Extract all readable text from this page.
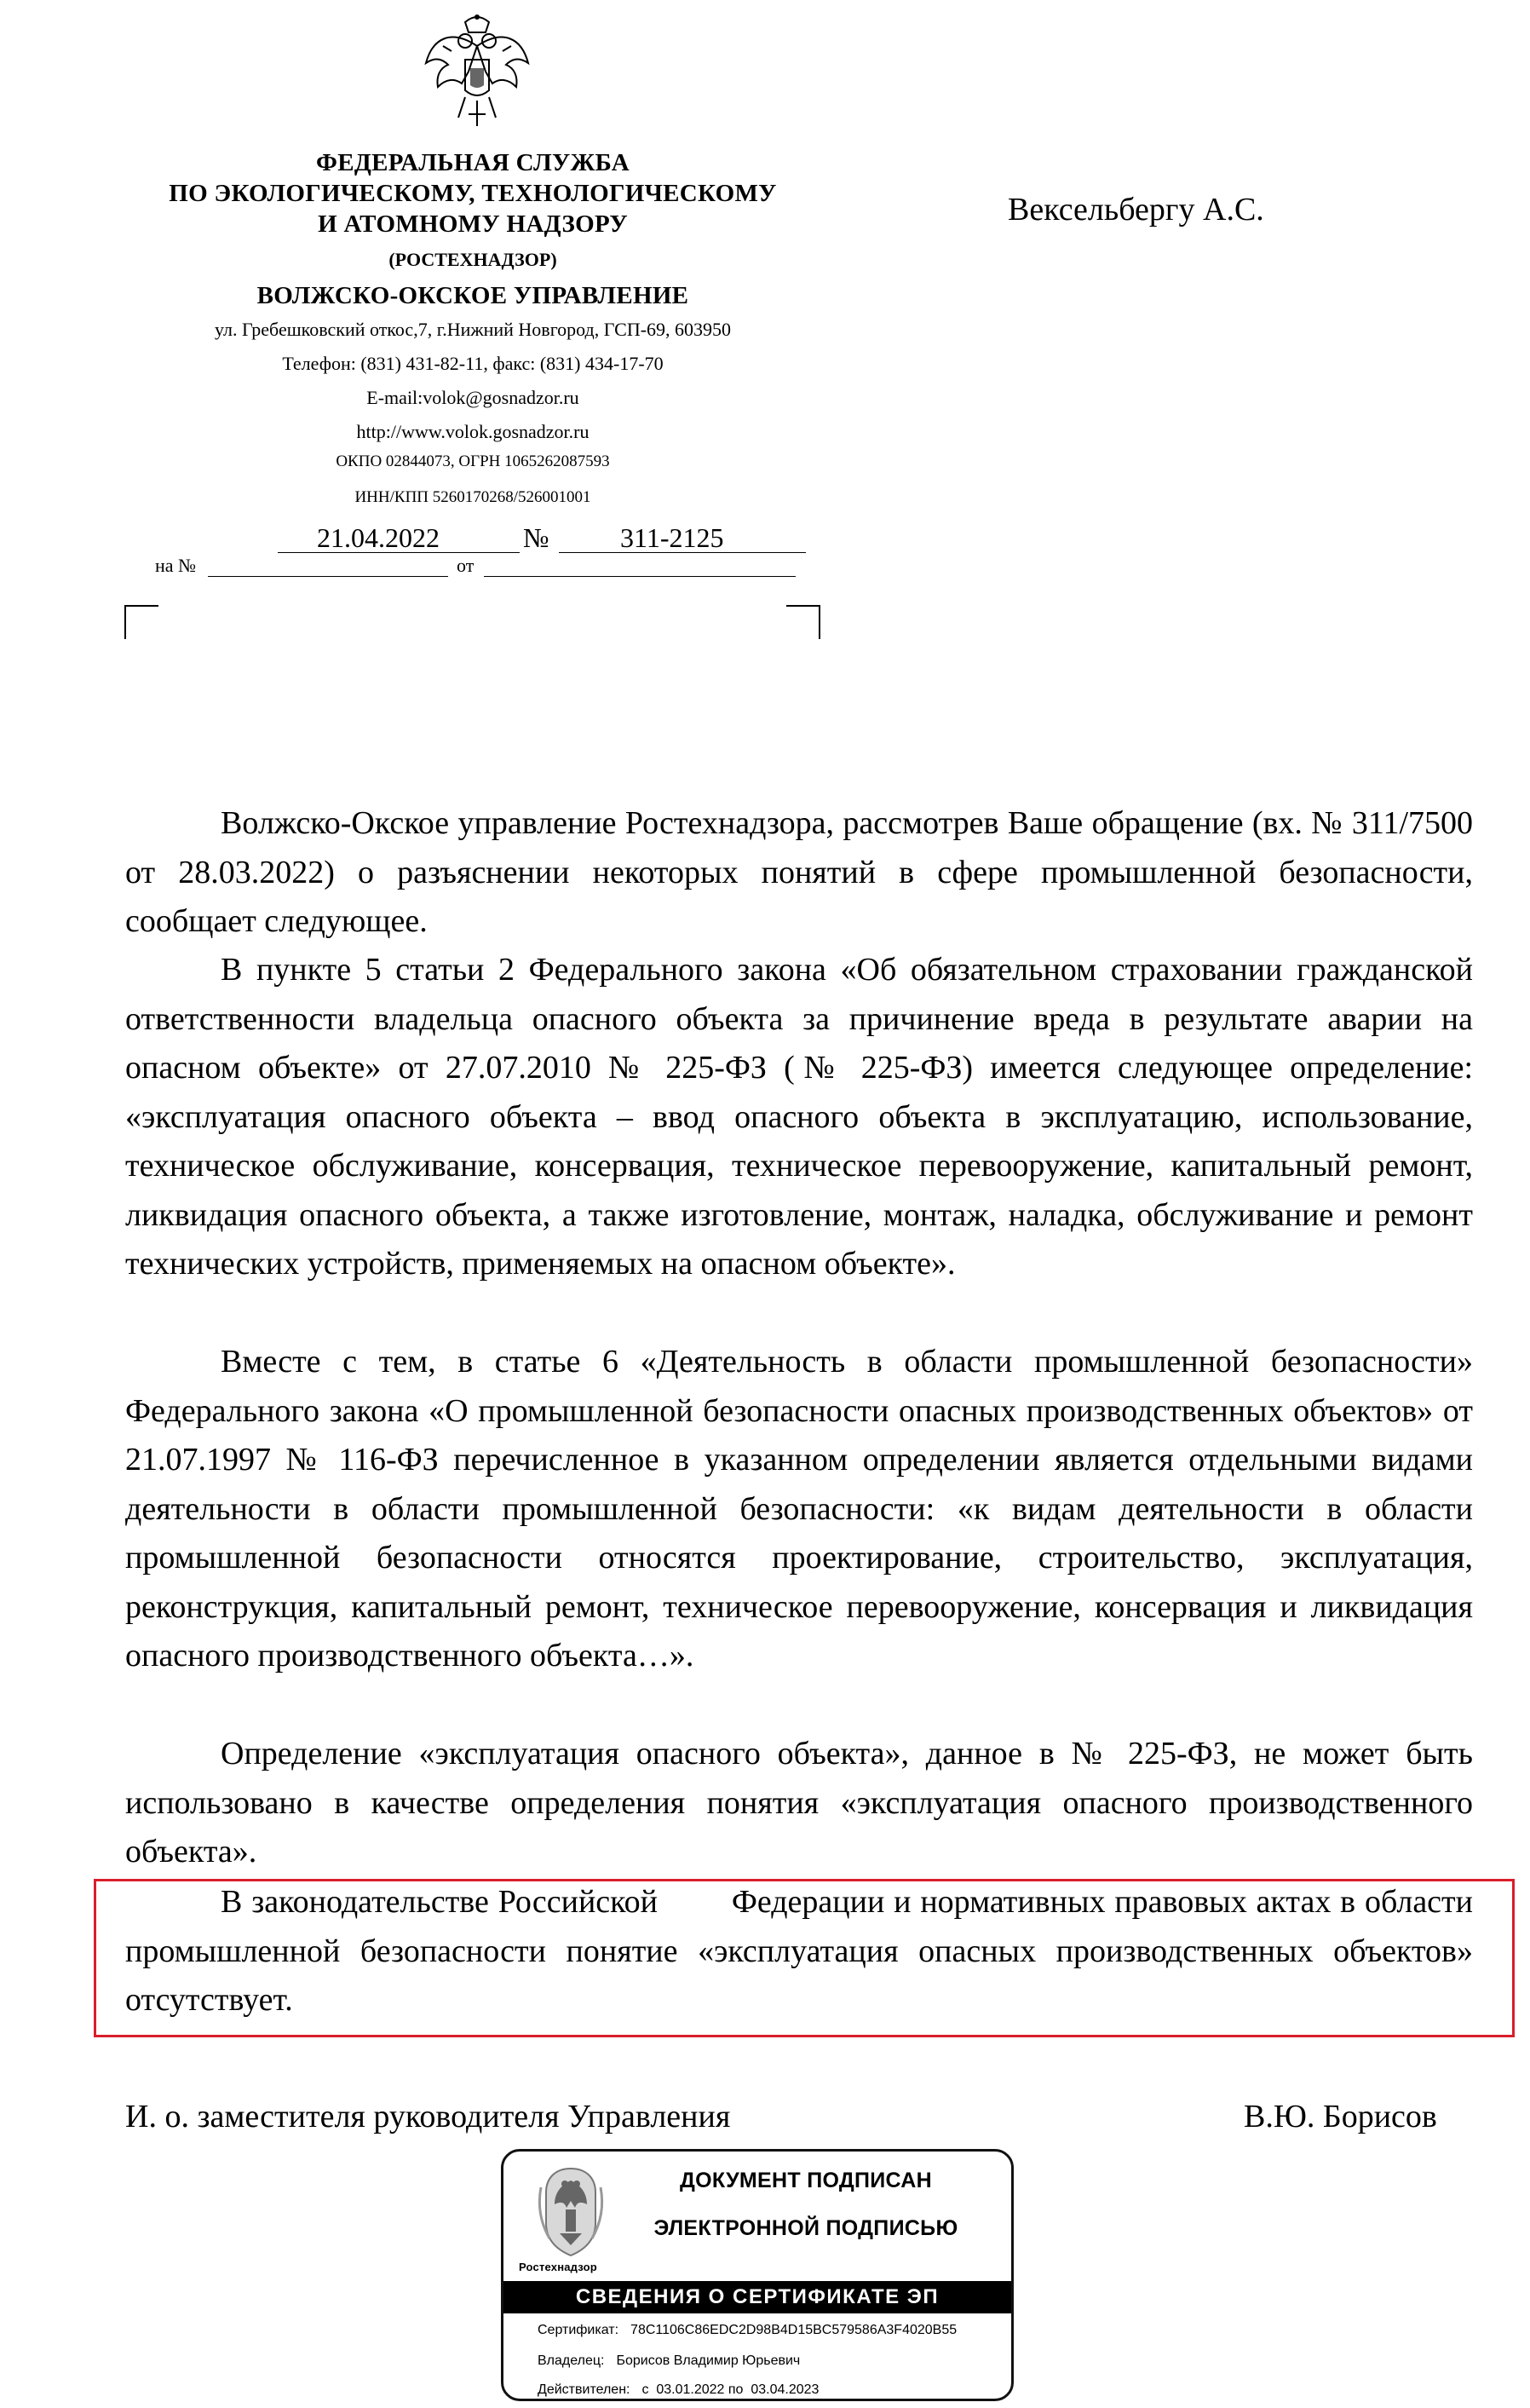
ФЕДЕРАЛЬНАЯ СЛУЖБА
ПО ЭКОЛОГИЧЕСКОМУ, ТЕХНОЛОГИЧЕСКОМУ
И АТОМНОМУ НАДЗОРУ
(РОСТЕХНАДЗОР)
ВОЛЖСКО-ОКСКОЕ УПРАВЛЕНИЕ
ул. Гребешковский откос,7, г.Нижний Новгород, ГСП-69, 603950
Телефон: (831) 431-82-11, факс: (831) 434-17-70
E-mail:volok@gosnadzor.ru
http://www.volok.gosnadzor.ru
ОКПО 02844073, ОГРН 1065262087593
ИНН/КПП 5260170268/526001001
21.04.2022	№	311-2125
на №	от
Вексельбергу А.С.

Волжско-Окское управление Ростехнадзора, рассмотрев Ваше обращение (вх. № 311/7500 от 28.03.2022) о разъяснении некоторых понятий в сфере промышленной безопасности, сообщает следующее.

В пункте 5 статьи 2 Федерального закона «Об обязательном страховании гражданской ответственности владельца опасного объекта за причинение вреда в результате аварии на опасном объекте» от 27.07.2010 № 225-ФЗ (№ 225-ФЗ) имеется следующее определение: «эксплуатация опасного объекта – ввод опасного объекта в эксплуатацию, использование, техническое обслуживание, консервация, техническое перевооружение, капитальный ремонт, ликвидация опасного объекта, а также изготовление, монтаж, наладка, обслуживание и ремонт технических устройств, применяемых на опасном объекте».

Вместе с тем, в статье 6 «Деятельность в области промышленной безопасности» Федерального закона «О промышленной безопасности опасных производственных объектов» от 21.07.1997 № 116-ФЗ перечисленное в указанном определении является отдельными видами деятельности в области промышленной безопасности: «к видам деятельности в области промышленной безопасности относятся проектирование, строительство, эксплуатация, реконструкция, капитальный ремонт, техническое перевооружение, консервация и ликвидация опасного производственного объекта…».

Определение «эксплуатация опасного объекта», данное в № 225-ФЗ, не может быть использовано в качестве определения понятия «эксплуатация опасного производственного объекта».

В законодательстве Российской        Федерации и нормативных правовых актах в области промышленной безопасности понятие «эксплуатация опасных производственных объектов» отсутствует.

И. о. заместителя руководителя Управления	В.Ю. Борисов
Ростехнадзор
ДОКУМЕНТ ПОДПИСАН
ЭЛЕКТРОННОЙ ПОДПИСЬЮ
СВЕДЕНИЯ О СЕРТИФИКАТЕ ЭП
Сертификат: 78C1106C86EDC2D98B4D15BC579586A3F4020B55
Владелец: Борисов Владимир Юрьевич
Действителен: с  03.01.2022 по  03.04.2023
